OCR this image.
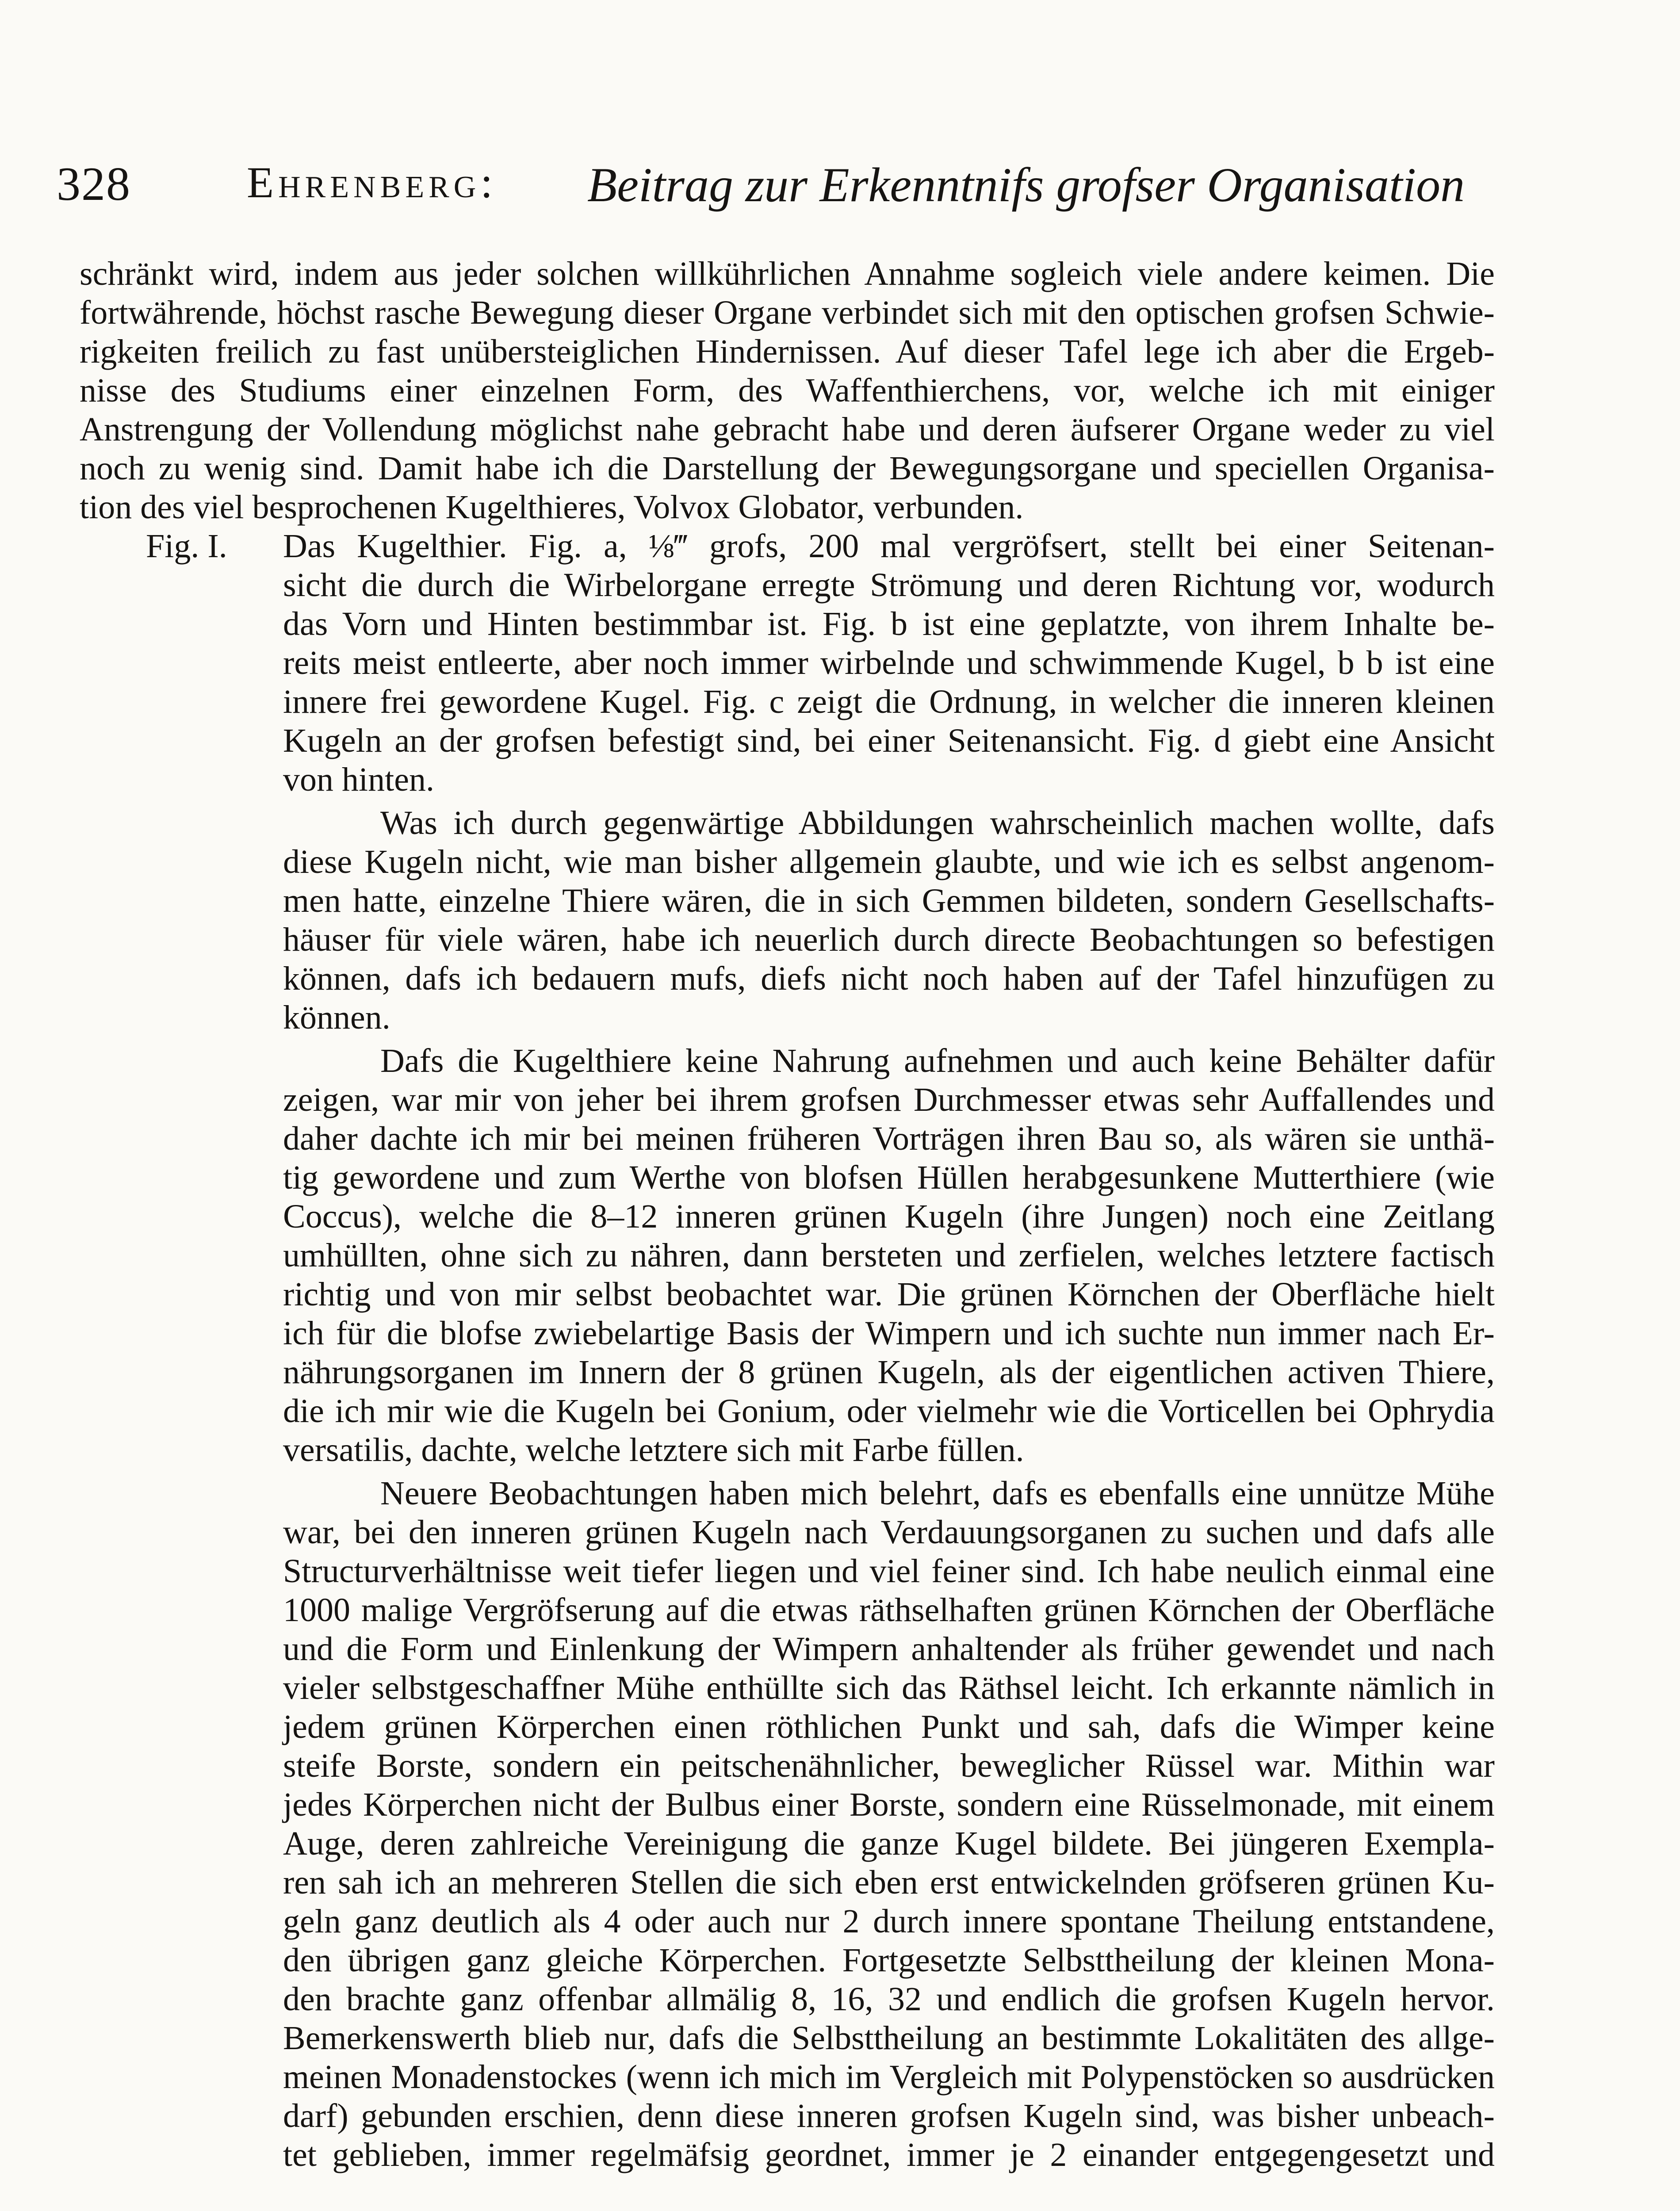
328	Ehrenberg: Beitrag zur Erkenntnifs grofser Organisation
schränkt wird, indem aus jeder solchen willkührlichen Annahme sogleich viele andere keimen. Die
fortwährende, höchst rasche Bewegung dieser Organe verbindet sich mit den optischen grofsen Schwie-
rigkeiten freilich zu fast unübersteiglichen Hindernissen. Auf dieser Tafel lege ich aber die Ergeb-
nisse des Studiums einer einzelnen Form, des Waffenthierchens, vor, welche ich mit einiger
Anstrengung der Vollendung möglichst nahe gebracht habe und deren äufserer Organe weder zu viel
noch zu wenig sind. Damit habe ich die Darstellung der Bewegungsorgane und speciellen Organisa-
tion des viel besprochenen Kugelthieres, Volvox Globator, verbunden.
Fig. I. Das Kugelthier. Fig. a, ⅛‴ grofs, 200 mal vergröfsert, stellt bei einer Seitenan-
sicht die durch die Wirbelorgane erregte Strömung und deren Richtung vor, wodurch
das Vorn und Hinten bestimmbar ist. Fig. b ist eine geplatzte, von ihrem Inhalte be-
reits meist entleerte, aber noch immer wirbelnde und schwimmende Kugel, b b ist eine
innere frei gewordene Kugel. Fig. c zeigt die Ordnung, in welcher die inneren kleinen
Kugeln an der grofsen befestigt sind, bei einer Seitenansicht. Fig. d giebt eine Ansicht
von hinten.
Was ich durch gegenwärtige Abbildungen wahrscheinlich machen wollte, dafs
diese Kugeln nicht, wie man bisher allgemein glaubte, und wie ich es selbst angenom-
men hatte, einzelne Thiere wären, die in sich Gemmen bildeten, sondern Gesellschafts-
häuser für viele wären, habe ich neuerlich durch directe Beobachtungen so befestigen
können, dafs ich bedauern mufs, diefs nicht noch haben auf der Tafel hinzufügen zu
können.
Dafs die Kugelthiere keine Nahrung aufnehmen und auch keine Behälter dafür
zeigen, war mir von jeher bei ihrem grofsen Durchmesser etwas sehr Auffallendes und
daher dachte ich mir bei meinen früheren Vorträgen ihren Bau so, als wären sie unthä-
tig gewordene und zum Werthe von blofsen Hüllen herabgesunkene Mutterthiere (wie
Coccus), welche die 8–12 inneren grünen Kugeln (ihre Jungen) noch eine Zeitlang
umhüllten, ohne sich zu nähren, dann bersteten und zerfielen, welches letztere factisch
richtig und von mir selbst beobachtet war. Die grünen Körnchen der Oberfläche hielt
ich für die blofse zwiebelartige Basis der Wimpern und ich suchte nun immer nach Er-
nährungsorganen im Innern der 8 grünen Kugeln, als der eigentlichen activen Thiere,
die ich mir wie die Kugeln bei Gonium, oder vielmehr wie die Vorticellen bei Ophrydia
versatilis, dachte, welche letztere sich mit Farbe füllen.
Neuere Beobachtungen haben mich belehrt, dafs es ebenfalls eine unnütze Mühe
war, bei den inneren grünen Kugeln nach Verdauungsorganen zu suchen und dafs alle
Structurverhältnisse weit tiefer liegen und viel feiner sind. Ich habe neulich einmal eine
1000 malige Vergröfserung auf die etwas räthselhaften grünen Körnchen der Oberfläche
und die Form und Einlenkung der Wimpern anhaltender als früher gewendet und nach
vieler selbstgeschaffner Mühe enthüllte sich das Räthsel leicht. Ich erkannte nämlich in
jedem grünen Körperchen einen röthlichen Punkt und sah, dafs die Wimper keine
steife Borste, sondern ein peitschenähnlicher, beweglicher Rüssel war. Mithin war
jedes Körperchen nicht der Bulbus einer Borste, sondern eine Rüsselmonade, mit einem
Auge, deren zahlreiche Vereinigung die ganze Kugel bildete. Bei jüngeren Exempla-
ren sah ich an mehreren Stellen die sich eben erst entwickelnden gröfseren grünen Ku-
geln ganz deutlich als 4 oder auch nur 2 durch innere spontane Theilung entstandene,
den übrigen ganz gleiche Körperchen. Fortgesetzte Selbsttheilung der kleinen Mona-
den brachte ganz offenbar allmälig 8, 16, 32 und endlich die grofsen Kugeln hervor.
Bemerkenswerth blieb nur, dafs die Selbsttheilung an bestimmte Lokalitäten des allge-
meinen Monadenstockes (wenn ich mich im Vergleich mit Polypenstöcken so ausdrücken
darf) gebunden erschien, denn diese inneren grofsen Kugeln sind, was bisher unbeach-
tet geblieben, immer regelmäfsig geordnet, immer je 2 einander entgegengesetzt und
